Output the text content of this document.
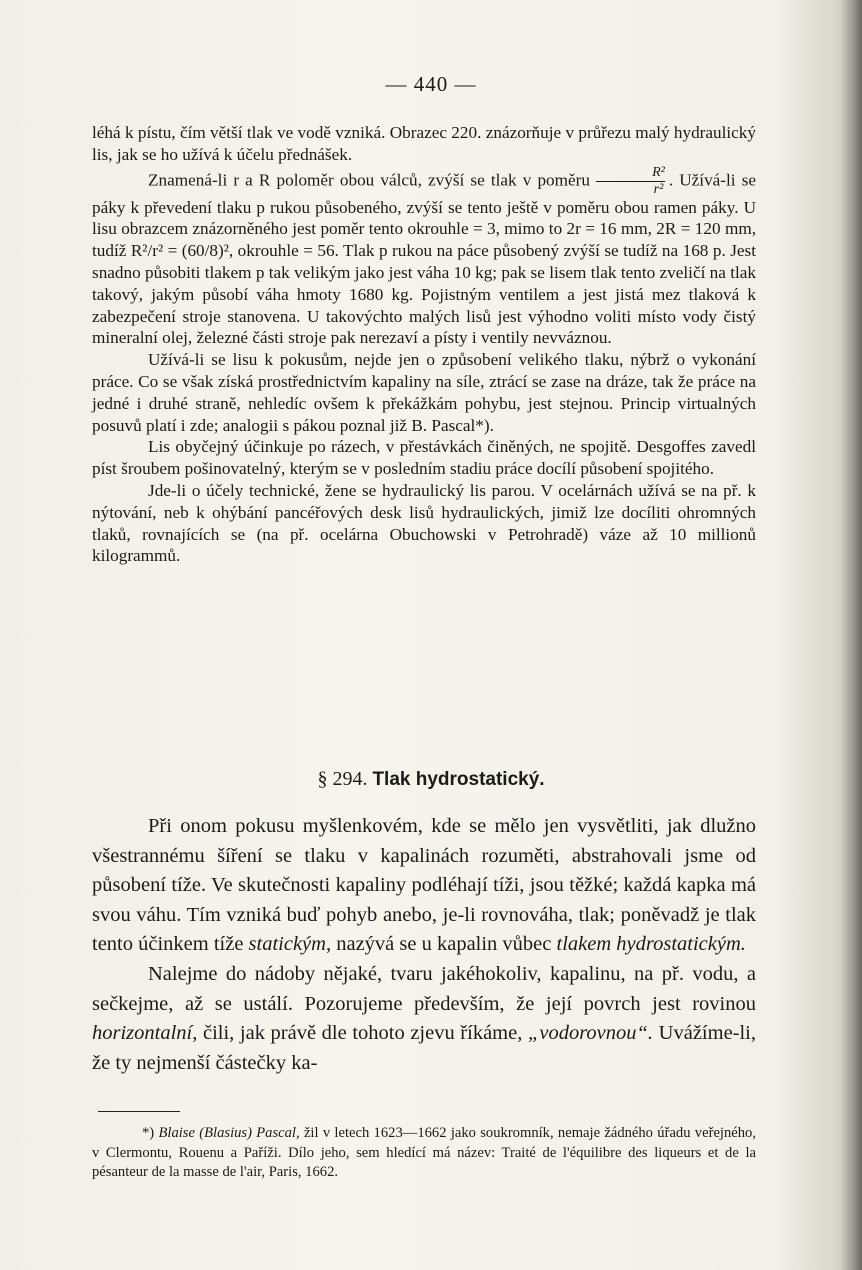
— 440 —

léhá k pístu, čím větší tlak ve vodě vzniká. Obrazec 220. znázorňuje v průřezu malý hydraulický lis, jak se ho užívá k účelu přednášek.

Znamená-li r a R poloměr obou válců, zvýší se tlak v poměru $\frac{\text{R²}}{\text{r²}}$ . Užívá-li se páky k převedení tlaku p rukou působeného, zvýší se tento ještě v poměru obou ramen páky. U lisu obrazcem znázorněného jest poměr tento okrouhle = 3, mimo to 2r = 16 mm, 2R = 120 mm, tudíž R²/r² = (60/8)², okrouhle = 56. Tlak p rukou na páce působený zvýší se tudíž na 168 p. Jest snadno působiti tlakem p tak velikým jako jest váha 10 kg; pak se lisem tlak tento zveličí na tlak takový, jakým působí váha hmoty 1680 kg. Pojistným ventilem a jest jistá mez tlaková k zabezpečení stroje stanovena. U takovýchto malých lisů jest výhodno voliti místo vody čistý mineralní olej, železné části stroje pak nerezaví a písty i ventily nevváznou.

Užívá-li se lisu k pokusům, nejde jen o způsobení velikého tlaku, nýbrž o vykonání práce. Co se však získá prostřednictvím kapaliny na síle, ztrácí se zase na dráze, tak že práce na jedné i druhé straně, nehledíc ovšem k překážkám pohybu, jest stejnou. Princip virtualných posuvů platí i zde; analogii s pákou poznal již B. Pascal*).

Lis obyčejný účinkuje po rázech, v přestávkách činěných, ne spojitě. Desgoffes zavedl píst šroubem pošinovatelný, kterým se v posledním stadiu práce docílí působení spojitého.

Jde-li o účely technické, žene se hydraulický lis parou. V ocelárnách užívá se na př. k nýtování, neb k ohýbání pancéřových desk lisů hydraulických, jimiž lze docíliti ohromných tlaků, rovnajících se (na př. ocelárna Obuchowski v Petrohradě) váze až 10 millionů kilogrammů.

§ 294. Tlak hydrostatický.

Při onom pokusu myšlenkovém, kde se mělo jen vysvětliti, jak dlužno všestrannému šíření se tlaku v kapalinách rozuměti, abstrahovali jsme od působení tíže. Ve skutečnosti kapaliny podléhají tíži, jsou těžké; každá kapka má svou váhu. Tím vzniká buď pohyb anebo, je-li rovnováha, tlak; poněvadž je tlak tento účinkem tíže statickým, nazývá se u kapalin vůbec tlakem hydrostatickým.

Nalejme do nádoby nějaké, tvaru jakéhokoliv, kapalinu, na př. vodu, a sečkejme, až se ustálí. Pozorujeme především, že její povrch jest rovinou horizontalní, čili, jak právě dle tohoto zjevu říkáme, „vodorovnou“. Uvážíme-li, že ty nejmenší částečky ka-

*) Blaise (Blasius) Pascal, žil v letech 1623—1662 jako soukromník, nemaje žádného úřadu veřejného, v Clermontu, Rouenu a Paříži. Dílo jeho, sem hledící má název: Traité de l'équilibre des liqueurs et de la pésanteur de la masse de l'air, Paris, 1662.
